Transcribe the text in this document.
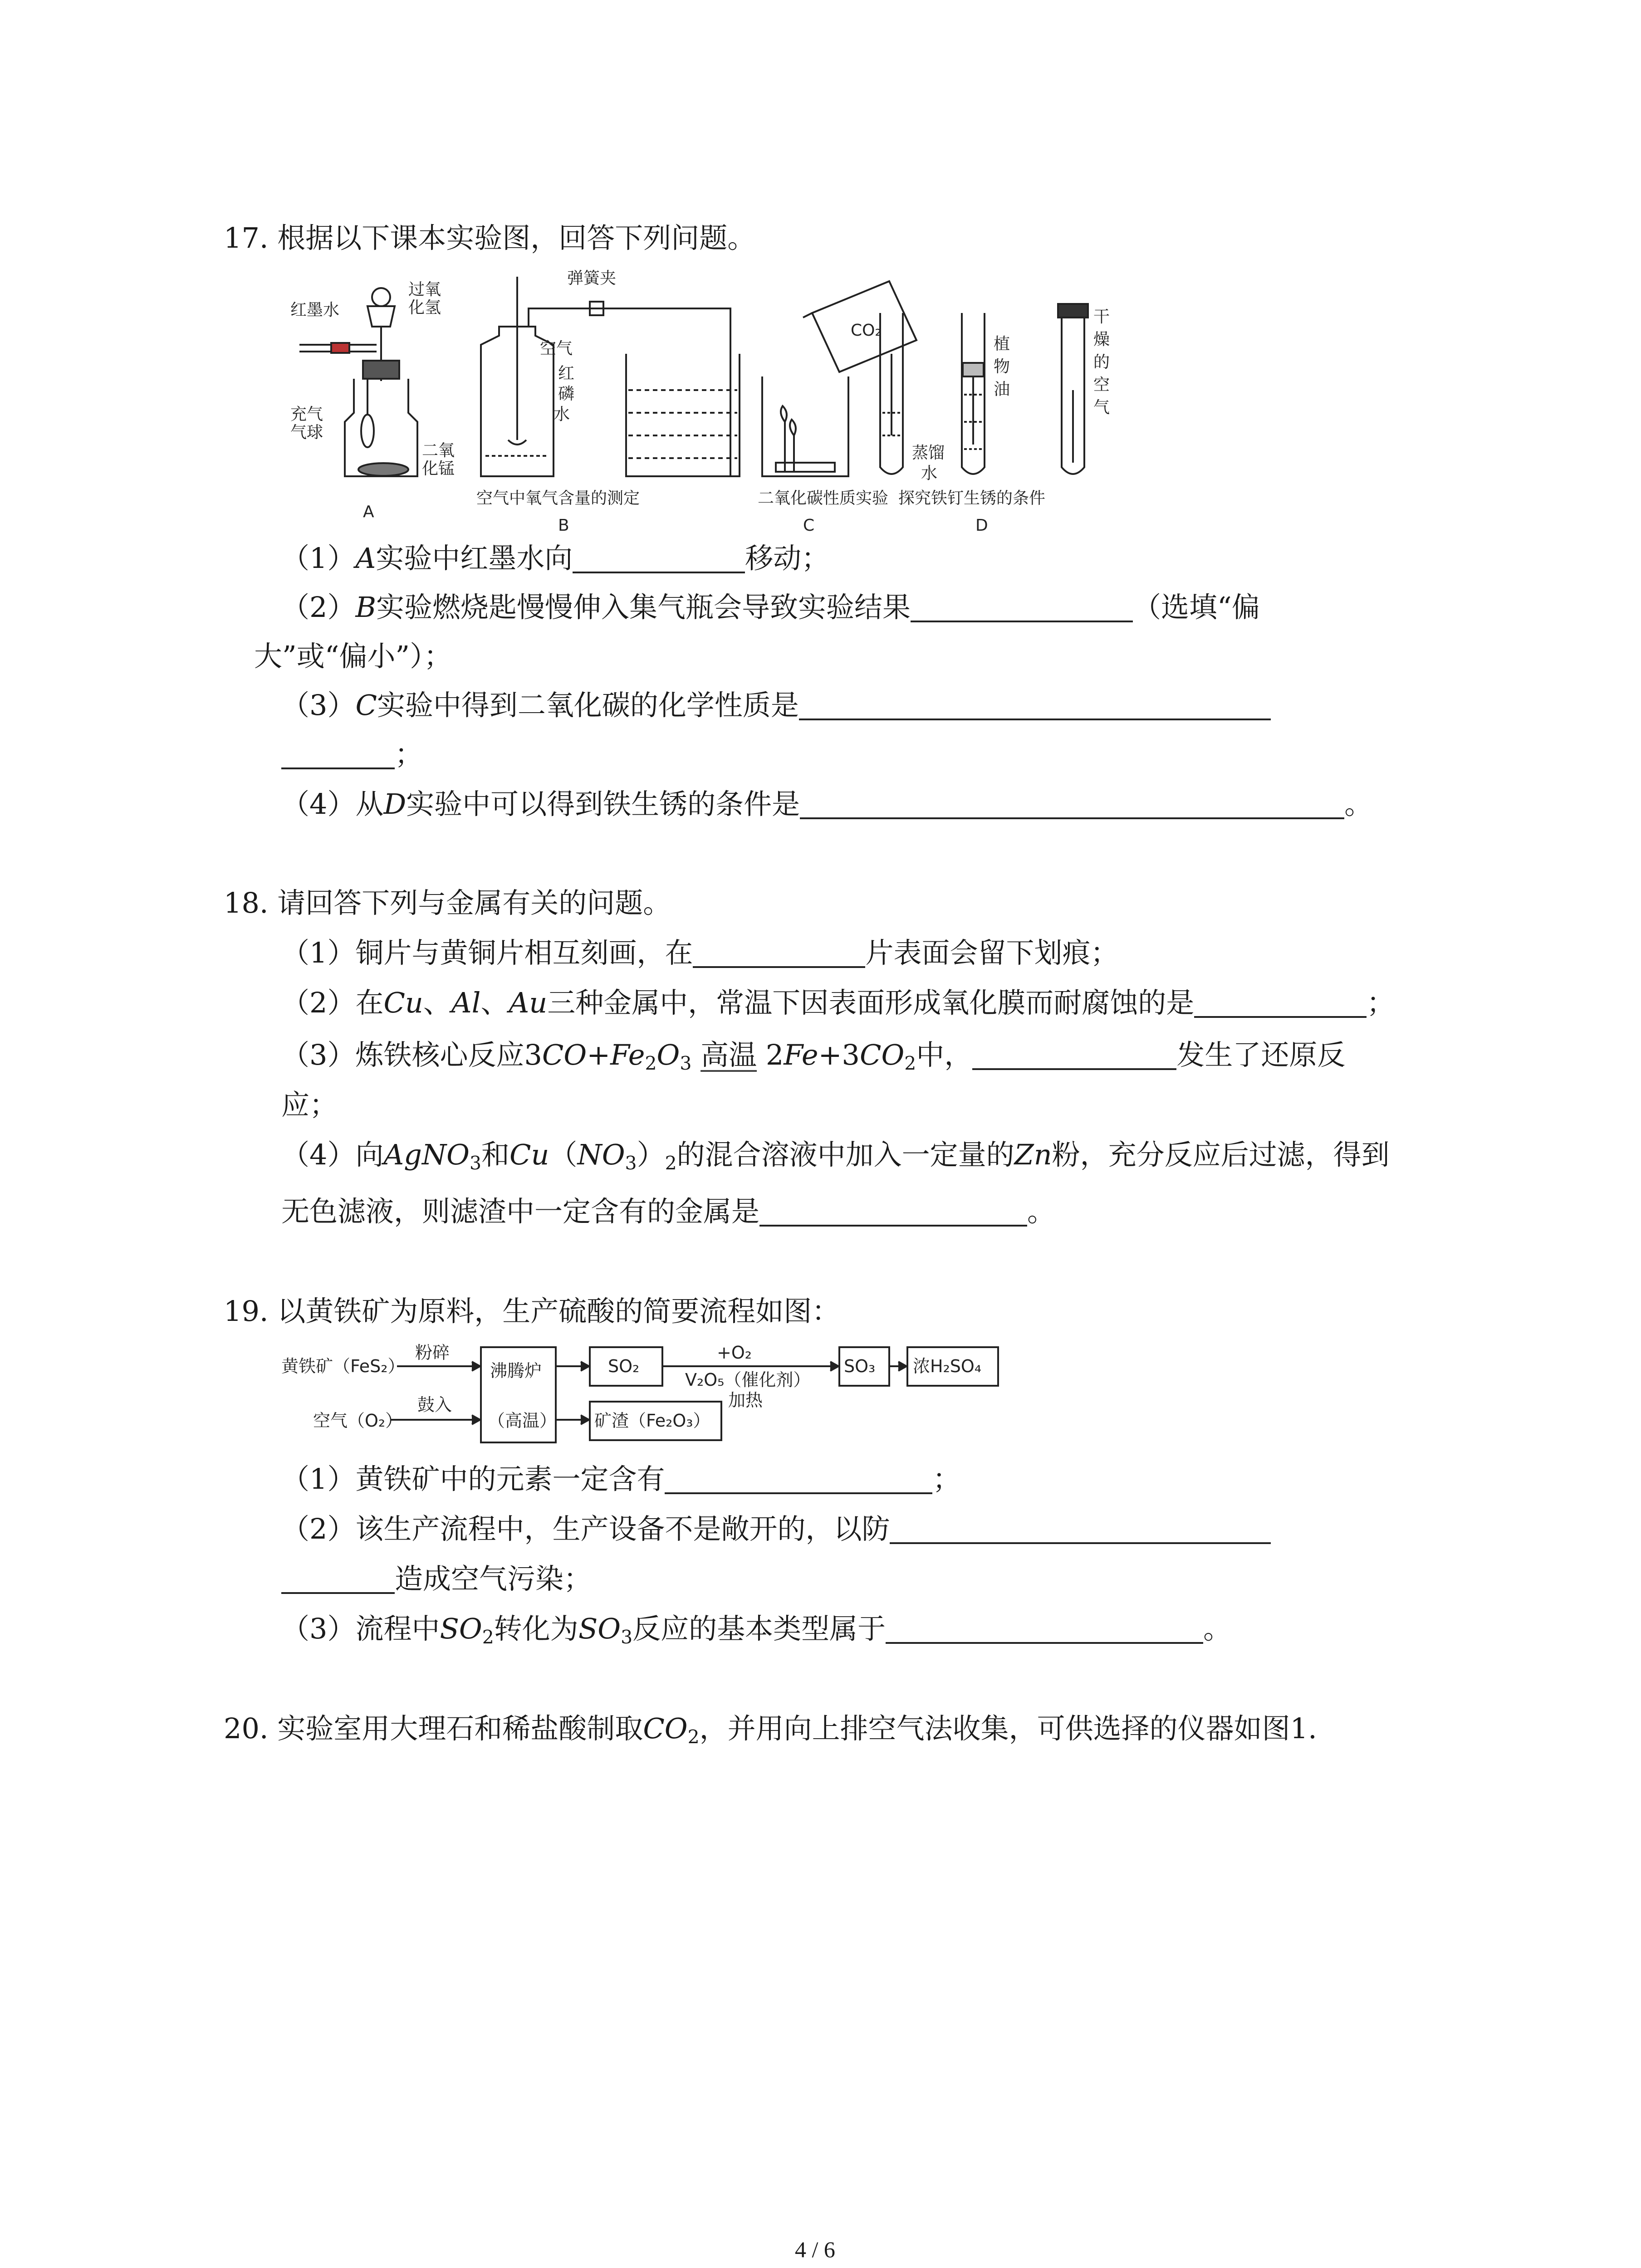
17. 根据以下课本实验图，回答下列问题。
红墨水
过氧
化氢
充气
气球
二氧
化锰
A
弹簧夹
空气
红
磷
水
空气中氧气含量的测定
B
CO₂
二氧化碳性质实验
C
植
物
油
蒸馏
水
干
燥
的
空
气
探究铁钉生锈的条件
D
（1）A实验中红墨水向	移动；
（2）B实验燃烧匙慢慢伸入集气瓶会导致实验结果	（选填“偏
大”或“偏小”）；
（3）C实验中得到二氧化碳的化学性质是
；
（4）从D实验中可以得到铁生锈的条件是	。
18. 请回答下列与金属有关的问题。
（1）铜片与黄铜片相互刻画，在	片表面会留下划痕；
（2）在Cu、Al、Au三种金属中，常温下因表面形成氧化膜而耐腐蚀的是	；
（3）炼铁核心反应$3CO+Fe_2O_3$ 高温 $2Fe+3CO_2$中，	发生了还原反
应；
（4）向AgNO$_3$和$Cu(NO_3)_2$的混合溶液中加入一定量的Zn粉，充分反应后过滤，得到
无色滤液，则滤渣中一定含有的金属是	。
19. 以黄铁矿为原料，生产硫酸的简要流程如图：
黄铁矿（FeS₂）
粉碎
空气（O₂）
鼓入
沸腾炉
（高温）
SO₂
+O₂
V₂O₅（催化剂）
加热
SO₃ 浓H₂SO₄
矿渣（Fe₂O₃）
（1）黄铁矿中的元素一定含有	；
（2）该生产流程中，生产设备不是敞开的，以防
造成空气污染；
（3）流程中$SO_2$转化为$SO_3$反应的基本类型属于	。
20. 实验室用大理石和稀盐酸制取$CO_2$，并用向上排空气法收集，可供选择的仪器如图1.
4 / 6
